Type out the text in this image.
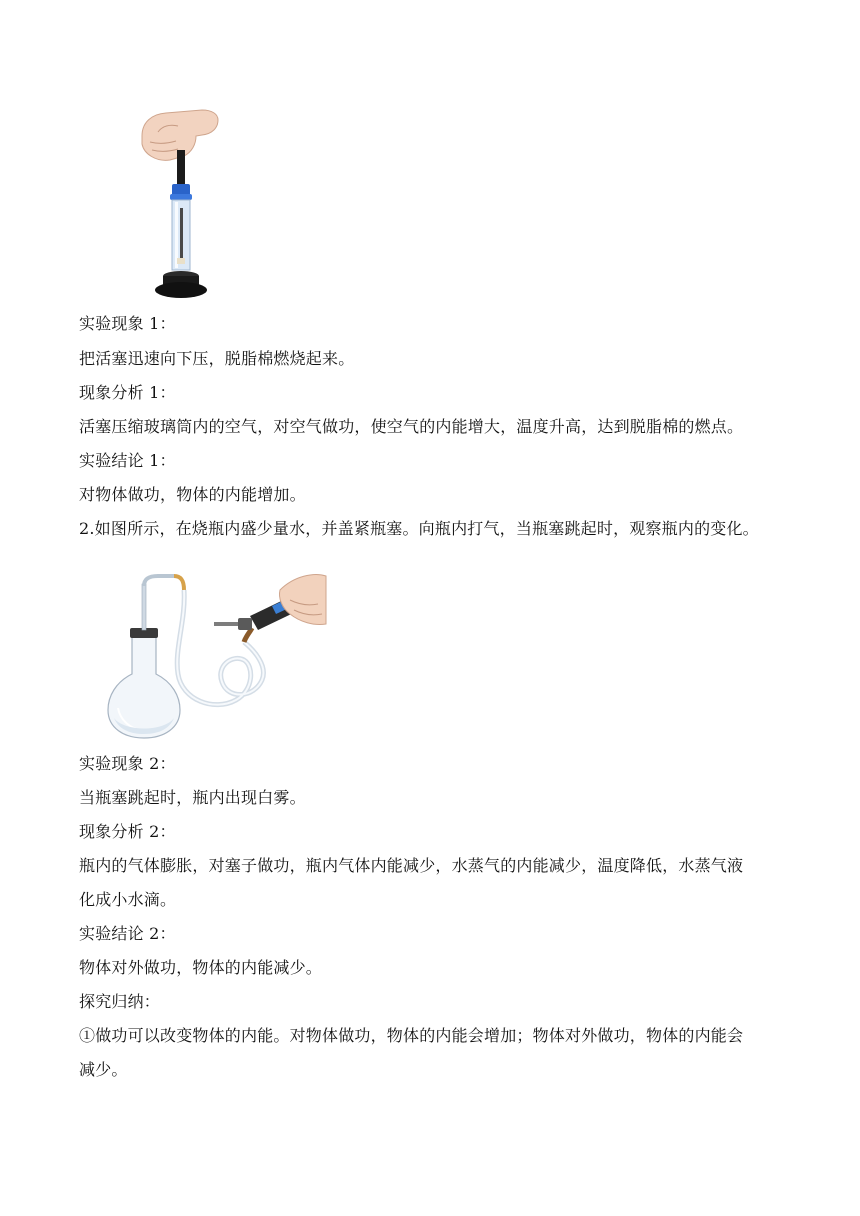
实验现象 1：
把活塞迅速向下压，脱脂棉燃烧起来。
现象分析 1：
活塞压缩玻璃筒内的空气，对空气做功，使空气的内能增大，温度升高，达到脱脂棉的燃点。
实验结论 1：
对物体做功，物体的内能增加。
2.如图所示，在烧瓶内盛少量水，并盖紧瓶塞。向瓶内打气，当瓶塞跳起时，观察瓶内的变化。
实验现象 2：
当瓶塞跳起时，瓶内出现白雾。
现象分析 2：
瓶内的气体膨胀，对塞子做功，瓶内气体内能减少，水蒸气的内能减少，温度降低，水蒸气液
化成小水滴。
实验结论 2：
物体对外做功，物体的内能减少。
探究归纳：
①做功可以改变物体的内能。对物体做功，物体的内能会增加；物体对外做功，物体的内能会
减少。
